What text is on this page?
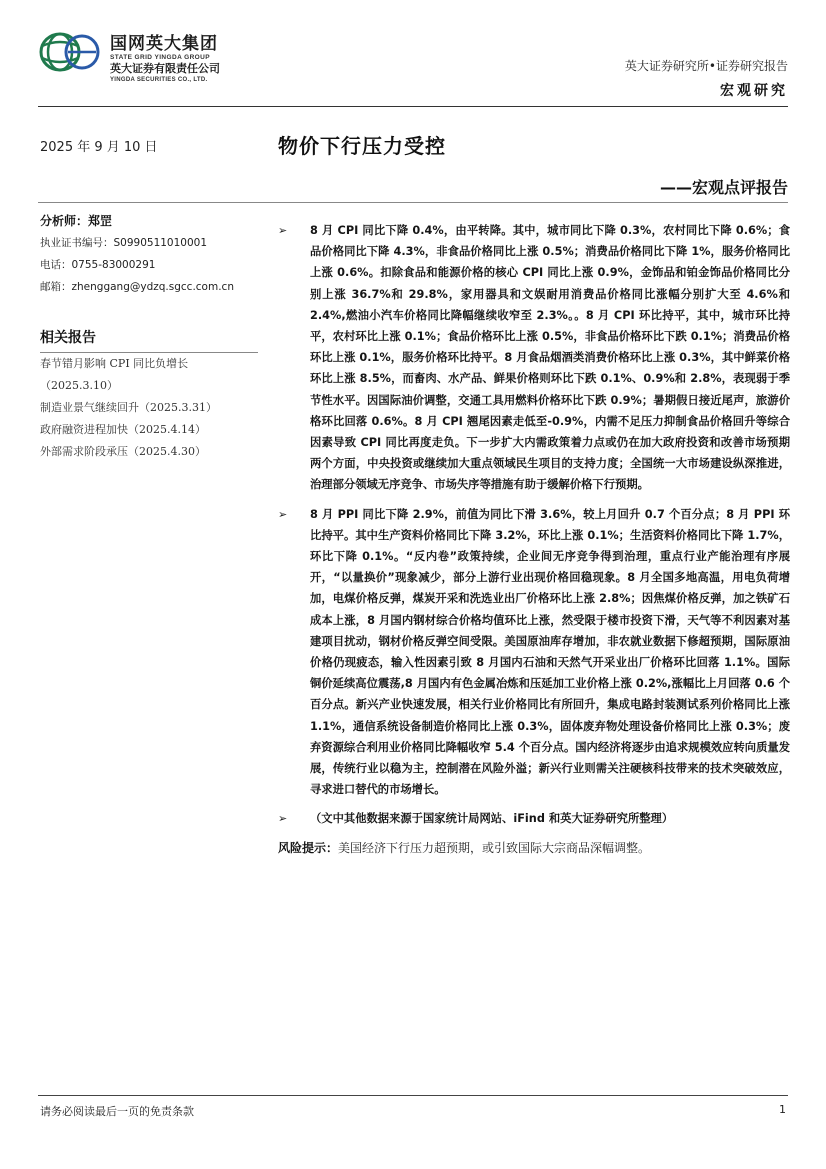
国网英大集团
STATE GRID YINGDA GROUP
英大证券有限责任公司
YINGDA SECURITIES CO., LTD.
英大证券研究所•证券研究报告
宏观研究
2025 年 9 月 10 日	物价下行压力受控
——宏观点评报告
分析师：郑罡
执业证书编号：S0990511010001
电话：0755-83000291
邮箱：zhenggang@ydzq.sgcc.com.cn
相关报告
春节错月影响 CPI 同比负增长
（2025.3.10）
制造业景气继续回升（2025.3.31）
政府融资进程加快（2025.4.14）
外部需求阶段承压（2025.4.30）
➢ 8 月 CPI 同比下降 0.4%，由平转降。其中，城市同比下降 0.3%，农村同比下降 0.6%；食品价格同比下降 4.3%，非食品价格同比上涨 0.5%；消费品价格同比下降 1%，服务价格同比上涨 0.6%。扣除食品和能源价格的核心 CPI 同比上涨 0.9%，金饰品和铂金饰品价格同比分别上涨 36.7%和 29.8%，家用器具和文娱耐用消费品价格同比涨幅分别扩大至 4.6%和 2.4%,燃油小汽车价格同比降幅继续收窄至 2.3%。。8 月 CPI 环比持平，其中，城市环比持平，农村环比上涨 0.1%；食品价格环比上涨 0.5%，非食品价格环比下跌 0.1%；消费品价格环比上涨 0.1%，服务价格环比持平。8 月食品烟酒类消费价格环比上涨 0.3%，其中鲜菜价格环比上涨 8.5%，而畜肉、水产品、鲜果价格则环比下跌 0.1%、0.9%和 2.8%，表现弱于季节性水平。因国际油价调整，交通工具用燃料价格环比下跌 0.9%；暑期假日接近尾声，旅游价格环比回落 0.6%。8 月 CPI 翘尾因素走低至-0.9%，内需不足压力抑制食品价格回升等综合因素导致 CPI 同比再度走负。下一步扩大内需政策着力点或仍在加大政府投资和改善市场预期两个方面，中央投资或继续加大重点领域民生项目的支持力度；全国统一大市场建设纵深推进，治理部分领域无序竞争、市场失序等措施有助于缓解价格下行预期。
➢ 8 月 PPI 同比下降 2.9%，前值为同比下滑 3.6%，较上月回升 0.7 个百分点；8 月 PPI 环比持平。其中生产资料价格同比下降 3.2%，环比上涨 0.1%；生活资料价格同比下降 1.7%，环比下降 0.1%。“反内卷”政策持续，企业间无序竞争得到治理，重点行业产能治理有序展开，“以量换价”现象减少，部分上游行业出现价格回稳现象。8 月全国多地高温，用电负荷增加，电煤价格反弹，煤炭开采和洗选业出厂价格环比上涨 2.8%；因焦煤价格反弹，加之铁矿石成本上涨，8 月国内钢材综合价格均值环比上涨，然受限于楼市投资下滑，天气等不利因素对基建项目扰动，钢材价格反弹空间受限。美国原油库存增加，非农就业数据下修超预期，国际原油价格仍现疲态，输入性因素引致 8 月国内石油和天然气开采业出厂价格环比回落 1.1%。国际铜价延续高位震荡,8 月国内有色金属冶炼和压延加工业价格上涨 0.2%,涨幅比上月回落 0.6 个百分点。新兴产业快速发展，相关行业价格同比有所回升，集成电路封装测试系列价格同比上涨 1.1%，通信系统设备制造价格同比上涨 0.3%，固体废弃物处理设备价格同比上涨 0.3%；废弃资源综合利用业价格同比降幅收窄 5.4 个百分点。国内经济将逐步由追求规模效应转向质量发展，传统行业以稳为主，控制潜在风险外溢；新兴行业则需关注硬核科技带来的技术突破效应，寻求进口替代的市场增长。
➢ （文中其他数据来源于国家统计局网站、iFind 和英大证券研究所整理）
风险提示：美国经济下行压力超预期，或引致国际大宗商品深幅调整。
请务必阅读最后一页的免责条款	1
